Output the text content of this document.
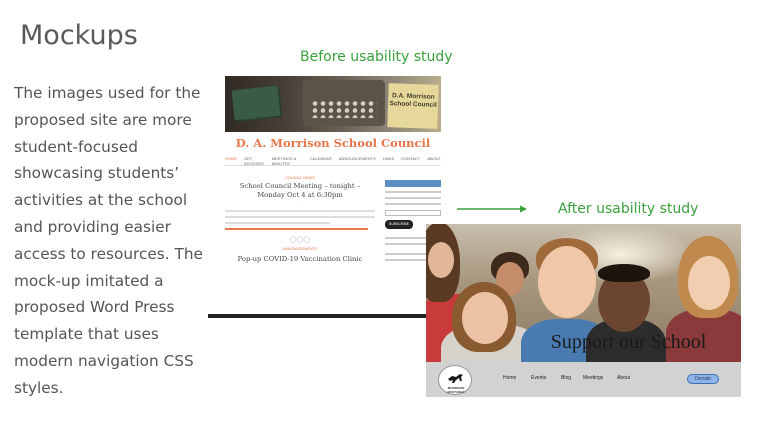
Mockups

The images used for the proposed site are more student-focused showcasing students’ activities at the school and providing easier access to resources. The mock-up imitated a proposed Word Press template that uses modern navigation CSS styles.

Before usability study
After usability study
D.A. Morrison School Council
D. A. Morrison School Council
HOME GET INVOLVED
MEETINGS & MINUTES
CALENDAR ANNOUNCEMENTS LINKS CONTACT ABOUT
COUNCIL NEWS
School Council Meeting – tonight – Monday Oct 4 at 6:30pm
· · ·
◯◯◯
ANNOUNCEMENTS
Pop-up COVID-19 Vaccination Clinic
SUBSCRIBE
Support our School
MORRISON MUSTANGS
Home	Events	Blog	Meetings	About	Donate
